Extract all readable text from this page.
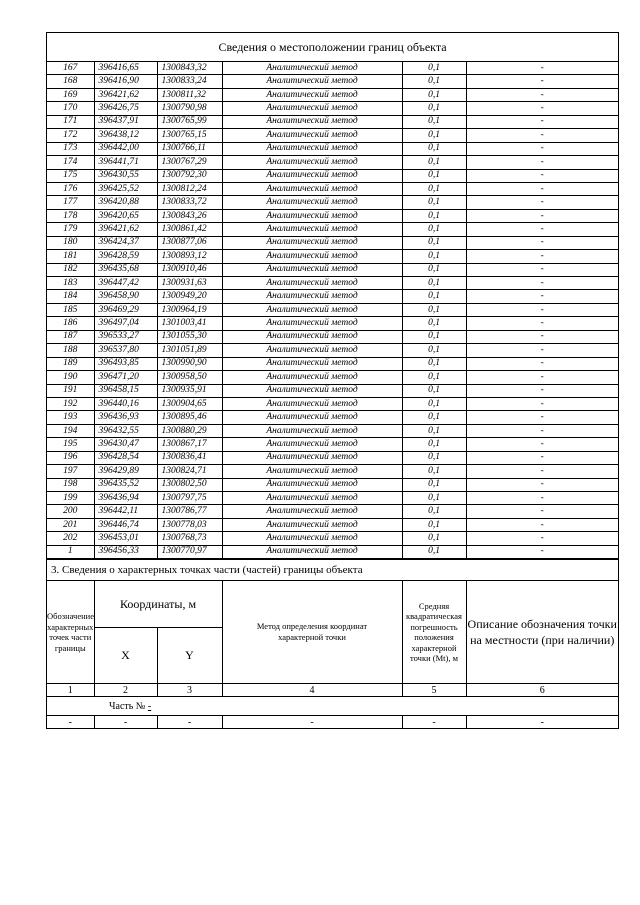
Сведения о местоположении границ объекта
167	396416,65	1300843,32	Аналитический метод	0,1	-
168	396416,90	1300833,24	Аналитический метод	0,1	-
169	396421,62	1300811,32	Аналитический метод	0,1	-
170	396426,75	1300790,98	Аналитический метод	0,1	-
171	396437,91	1300765,99	Аналитический метод	0,1	-
172	396438,12	1300765,15	Аналитический метод	0,1	-
173	396442,00	1300766,11	Аналитический метод	0,1	-
174	396441,71	1300767,29	Аналитический метод	0,1	-
175	396430,55	1300792,30	Аналитический метод	0,1	-
176	396425,52	1300812,24	Аналитический метод	0,1	-
177	396420,88	1300833,72	Аналитический метод	0,1	-
178	396420,65	1300843,26	Аналитический метод	0,1	-
179	396421,62	1300861,42	Аналитический метод	0,1	-
180	396424,37	1300877,06	Аналитический метод	0,1	-
181	396428,59	1300893,12	Аналитический метод	0,1	-
182	396435,68	1300910,46	Аналитический метод	0,1	-
183	396447,42	1300931,63	Аналитический метод	0,1	-
184	396458,90	1300949,20	Аналитический метод	0,1	-
185	396469,29	1300964,19	Аналитический метод	0,1	-
186	396497,04	1301003,41	Аналитический метод	0,1	-
187	396533,27	1301055,30	Аналитический метод	0,1	-
188	396537,80	1301051,89	Аналитический метод	0,1	-
189	396493,85	1300990,90	Аналитический метод	0,1	-
190	396471,20	1300958,50	Аналитический метод	0,1	-
191	396458,15	1300935,91	Аналитический метод	0,1	-
192	396440,16	1300904,65	Аналитический метод	0,1	-
193	396436,93	1300895,46	Аналитический метод	0,1	-
194	396432,55	1300880,29	Аналитический метод	0,1	-
195	396430,47	1300867,17	Аналитический метод	0,1	-
196	396428,54	1300836,41	Аналитический метод	0,1	-
197	396429,89	1300824,71	Аналитический метод	0,1	-
198	396435,52	1300802,50	Аналитический метод	0,1	-
199	396436,94	1300797,75	Аналитический метод	0,1	-
200	396442,11	1300786,77	Аналитический метод	0,1	-
201	396446,74	1300778,03	Аналитический метод	0,1	-
202	396453,01	1300768,73	Аналитический метод	0,1	-
1	396456,33	1300770,97	Аналитический метод	0,1	-
3. Сведения о характерных точках части (частей) границы объекта
Обозначение характерных точек части границы	Координаты, м		Метод определения координат характерной точки	Средняя квадратическая погрешность положения характерной точки (Mt), м	Описание обозначения точки на местности (при наличии)
	X	Y			
1	2	3	4	5	6
Часть № -					
-	-	-	-	-	-
